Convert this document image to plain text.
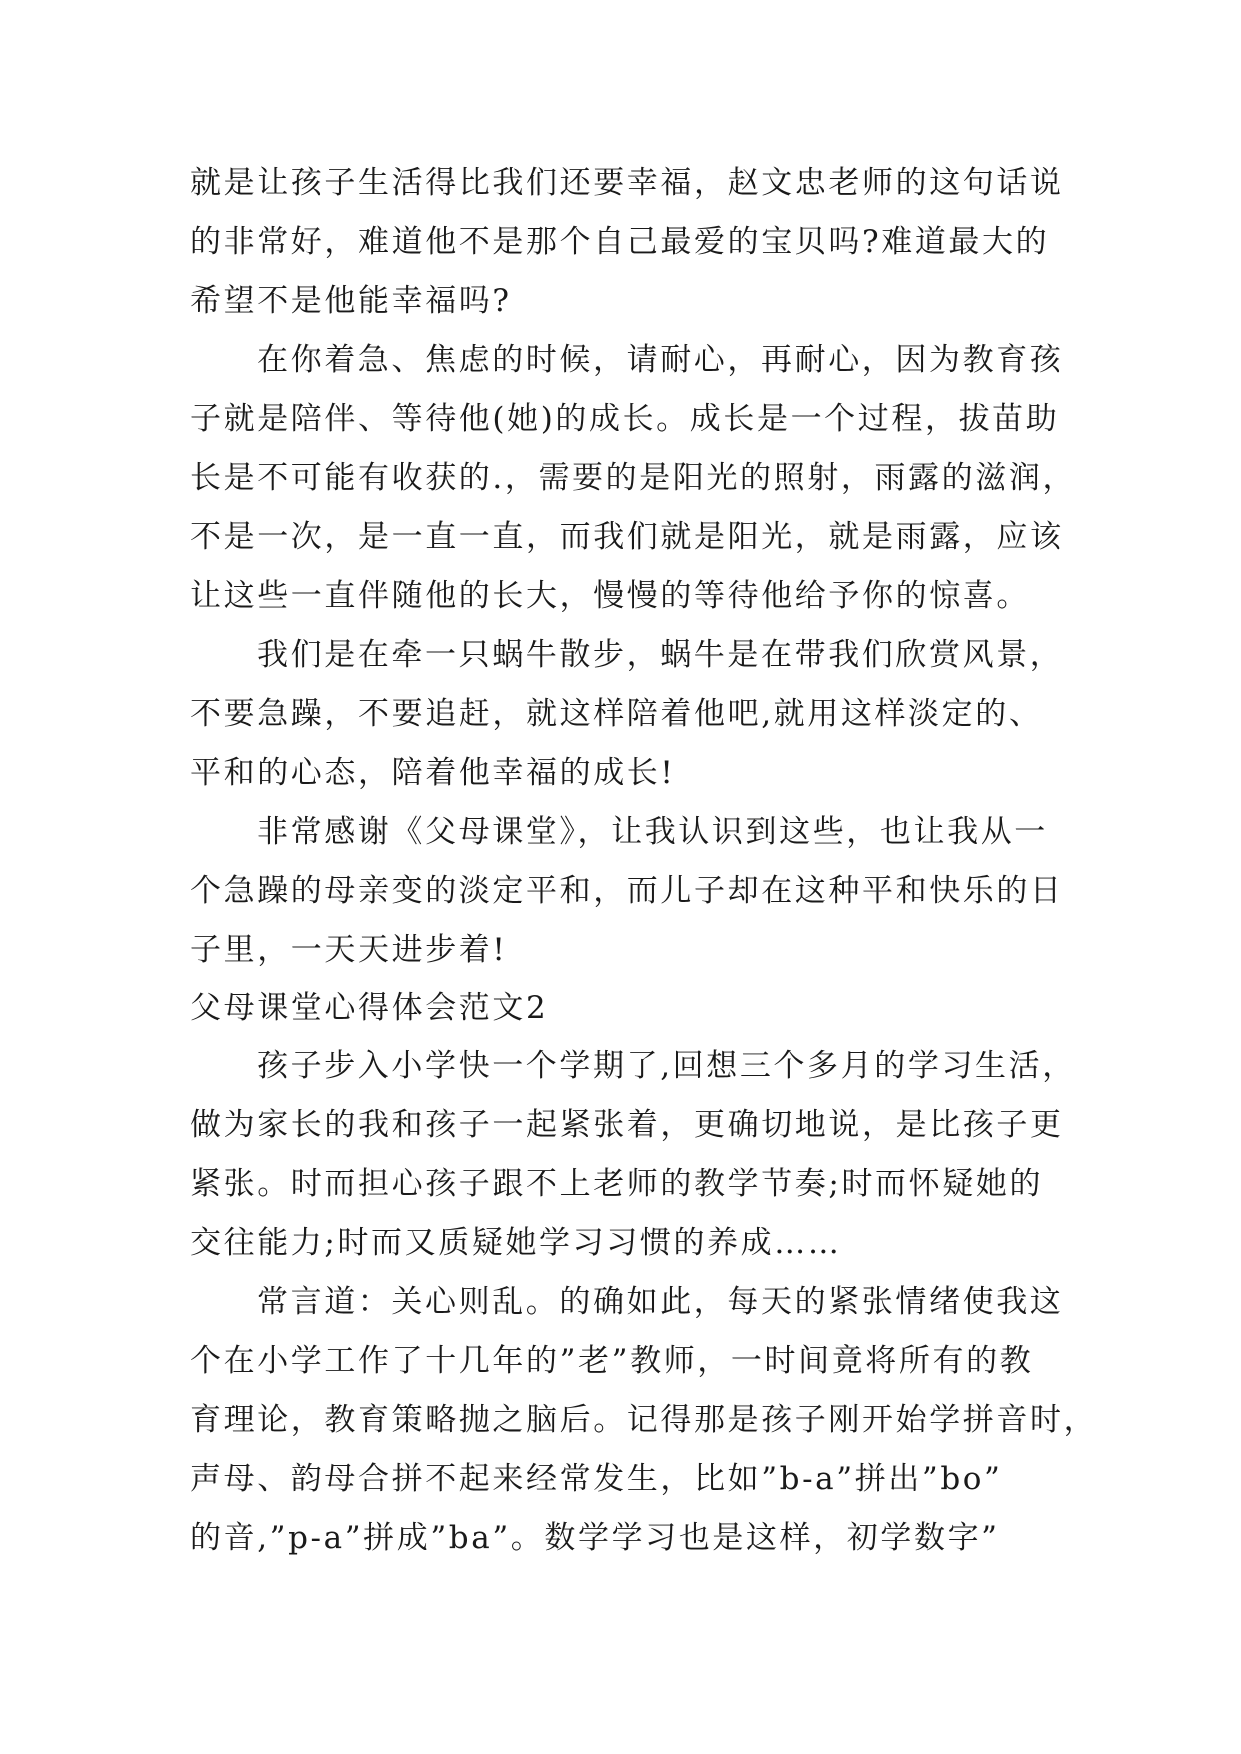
就是让孩子生活得比我们还要幸福，赵文忠老师的这句话说
的非常好，难道他不是那个自己最爱的宝贝吗?难道最大的
希望不是他能幸福吗?
在你着急、焦虑的时候，请耐心，再耐心，因为教育孩
子就是陪伴、等待他(她)的成长。成长是一个过程，拔苗助
长是不可能有收获的.，需要的是阳光的照射，雨露的滋润，
不是一次，是一直一直，而我们就是阳光，就是雨露，应该
让这些一直伴随他的长大，慢慢的等待他给予你的惊喜。
我们是在牵一只蜗牛散步，蜗牛是在带我们欣赏风景，
不要急躁，不要追赶，就这样陪着他吧,就用这样淡定的、
平和的心态，陪着他幸福的成长!
非常感谢《父母课堂》，让我认识到这些，也让我从一
个急躁的母亲变的淡定平和，而儿子却在这种平和快乐的日
子里，一天天进步着!
父母课堂心得体会范文2
孩子步入小学快一个学期了,回想三个多月的学习生活，
做为家长的我和孩子一起紧张着，更确切地说，是比孩子更
紧张。时而担心孩子跟不上老师的教学节奏;时而怀疑她的
交往能力;时而又质疑她学习习惯的养成……
常言道：关心则乱。的确如此，每天的紧张情绪使我这
个在小学工作了十几年的”老”教师，一时间竟将所有的教
育理论，教育策略抛之脑后。记得那是孩子刚开始学拼音时，
声母、韵母合拼不起来经常发生，比如”b-a”拼出”bo”
的音,”p-a”拼成”ba”。数学学习也是这样，初学数字”
